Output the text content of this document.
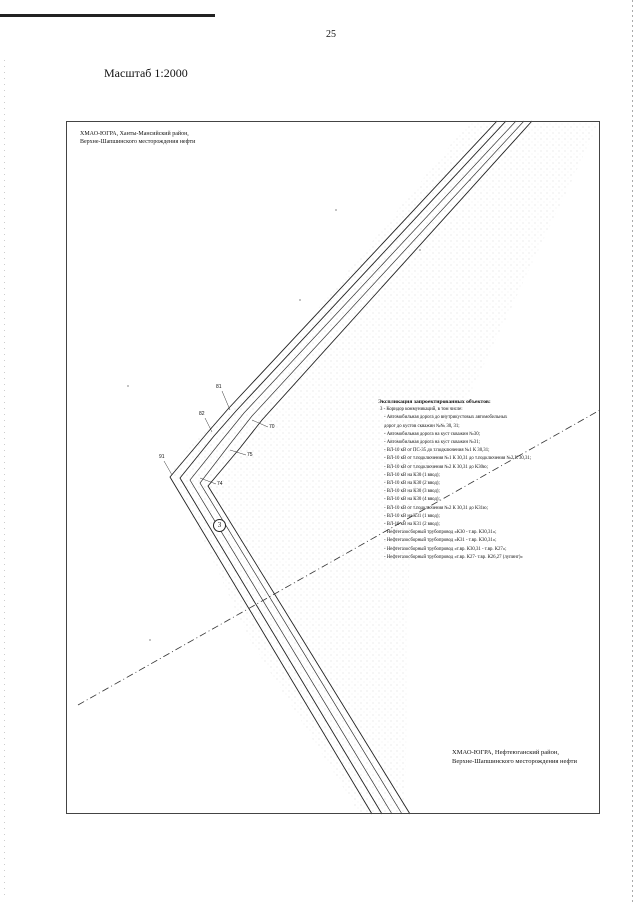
25
Масштаб 1:2000
ХМАО-ЮГРА, Ханты-Мансийский район,
Верхне-Шапшинского месторождения нефти
81
82
91
70
75
74
3
Экспликация запроектированных объектов:
3 - Коридор коммуникаций, в том числе:
- Автомобильная дорога до внутрикустовых автомобильных
дорог до кустов скважин №№ 30, 31;
- Автомобильная дорога на куст скважин №30;
- Автомобильная дорога на куст скважин №31;
- ВЛ-10 кВ от ПС-35 до т.подключения №1 К 30,31;
- ВЛ-10 кВ от т.подключения №1 К 30,31 до т.подключения №2 К 30,31;
- ВЛ-10 кВ от т.подключения №2 К 30,31 до К30ю;
- ВЛ-10 кВ на К30 (1 ввод);
- ВЛ-10 кВ на К30 (2 ввод);
- ВЛ-10 кВ на К30 (3 ввод);
- ВЛ-10 кВ на К30 (4 ввод);
- ВЛ-10 кВ от т.подключения №2 К 30,31 до К31ю;
- ВЛ-10 кВ на К31 (1 ввод);
- ВЛ-10 кВ на К31 (2 ввод);
- Нефтегазосборный трубопровод «К30 - т.вр. К30,31»;
- Нефтегазосборный трубопровод «К31 - т.вр. К30,31»;
- Нефтегазосборный трубопровод «т.вр. К30,31 - т.вр. К27»;
- Нефтегазосборный трубопровод «т.вр. К27- т.вр. К26,27 (лупинг)»
ХМАО-ЮГРА, Нефтеюганский район,
Верхне-Шапшинского месторождения нефти
